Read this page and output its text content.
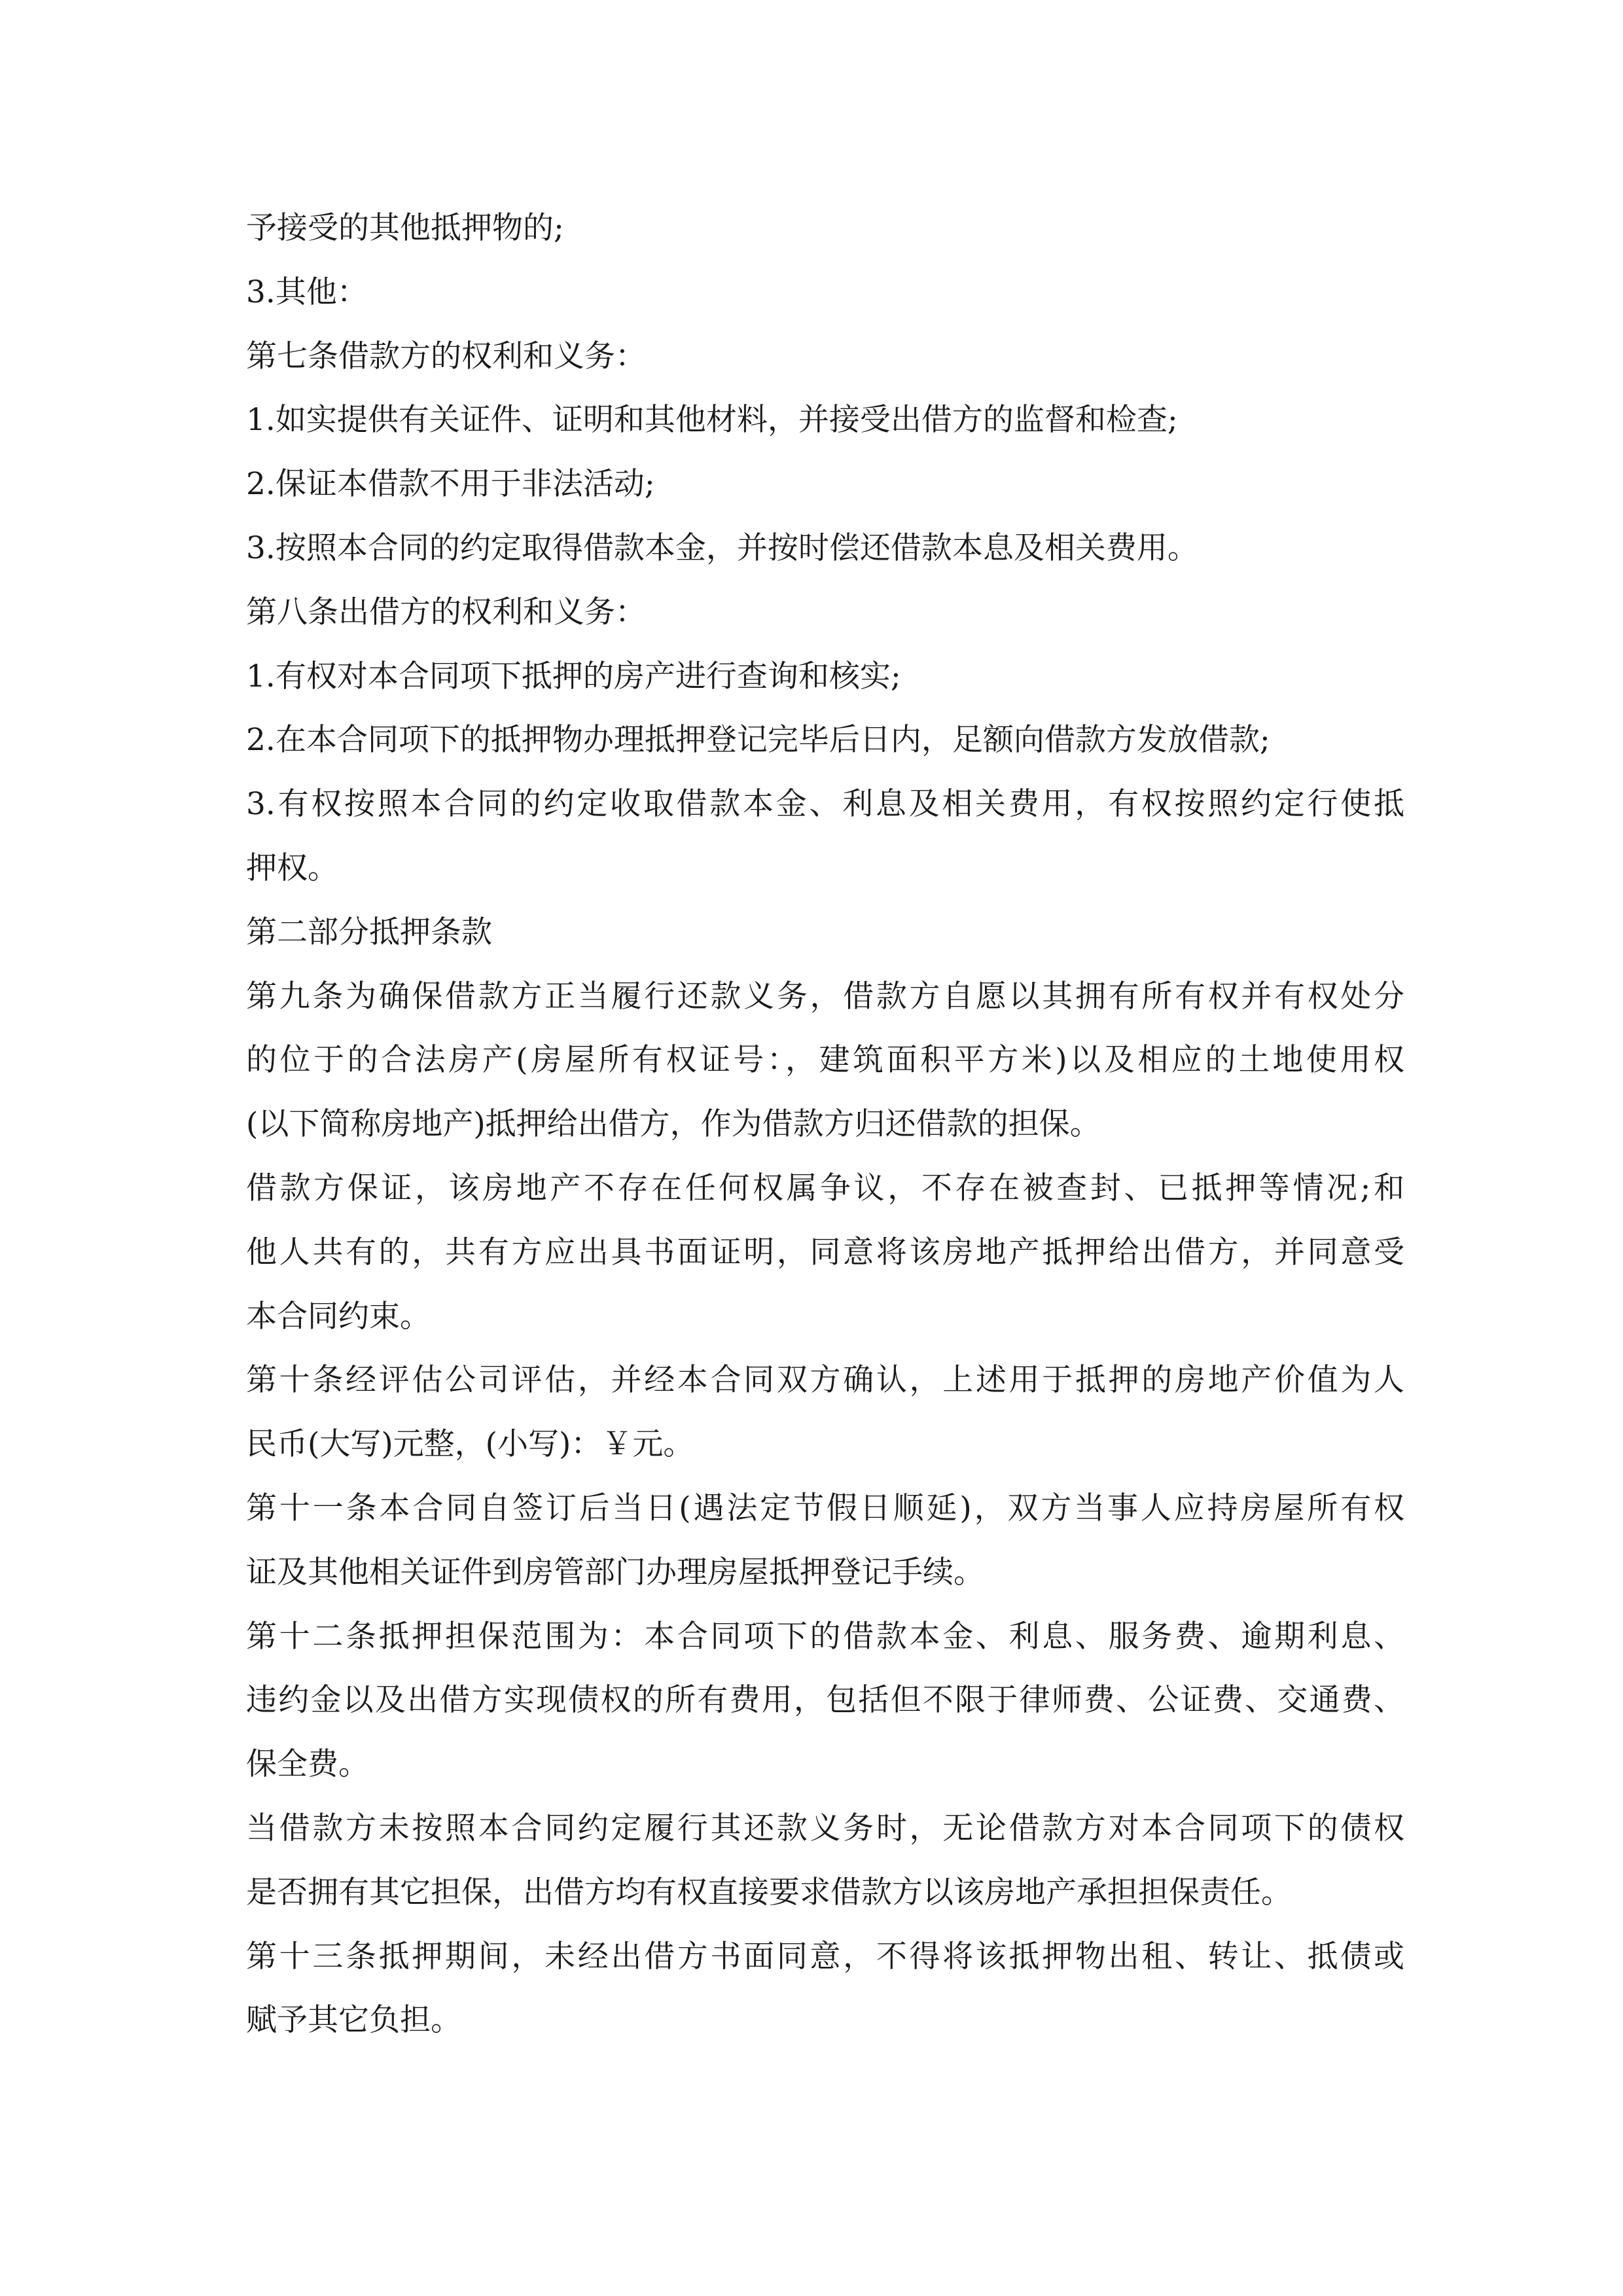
予接受的其他抵押物的;
3.其他：
第七条借款方的权利和义务：
1.如实提供有关证件、证明和其他材料，并接受出借方的监督和检查;
2.保证本借款不用于非法活动;
3.按照本合同的约定取得借款本金，并按时偿还借款本息及相关费用。
第八条出借方的权利和义务：
1.有权对本合同项下抵押的房产进行查询和核实;
2.在本合同项下的抵押物办理抵押登记完毕后日内，足额向借款方发放借款;
3.有权按照本合同的约定收取借款本金、利息及相关费用，有权按照约定行使抵
押权。
第二部分抵押条款
第九条为确保借款方正当履行还款义务，借款方自愿以其拥有所有权并有权处分
的位于的合法房产(房屋所有权证号：，建筑面积平方米)以及相应的土地使用权
(以下简称房地产)抵押给出借方，作为借款方归还借款的担保。
借款方保证，该房地产不存在任何权属争议，不存在被查封、已抵押等情况;和
他人共有的，共有方应出具书面证明，同意将该房地产抵押给出借方，并同意受
本合同约束。
第十条经评估公司评估，并经本合同双方确认，上述用于抵押的房地产价值为人
民币(大写)元整，(小写)：￥元。
第十一条本合同自签订后当日(遇法定节假日顺延)，双方当事人应持房屋所有权
证及其他相关证件到房管部门办理房屋抵押登记手续。
第十二条抵押担保范围为：本合同项下的借款本金、利息、服务费、逾期利息、
违约金以及出借方实现债权的所有费用，包括但不限于律师费、公证费、交通费、
保全费。
当借款方未按照本合同约定履行其还款义务时，无论借款方对本合同项下的债权
是否拥有其它担保，出借方均有权直接要求借款方以该房地产承担担保责任。
第十三条抵押期间，未经出借方书面同意，不得将该抵押物出租、转让、抵债或
赋予其它负担。
